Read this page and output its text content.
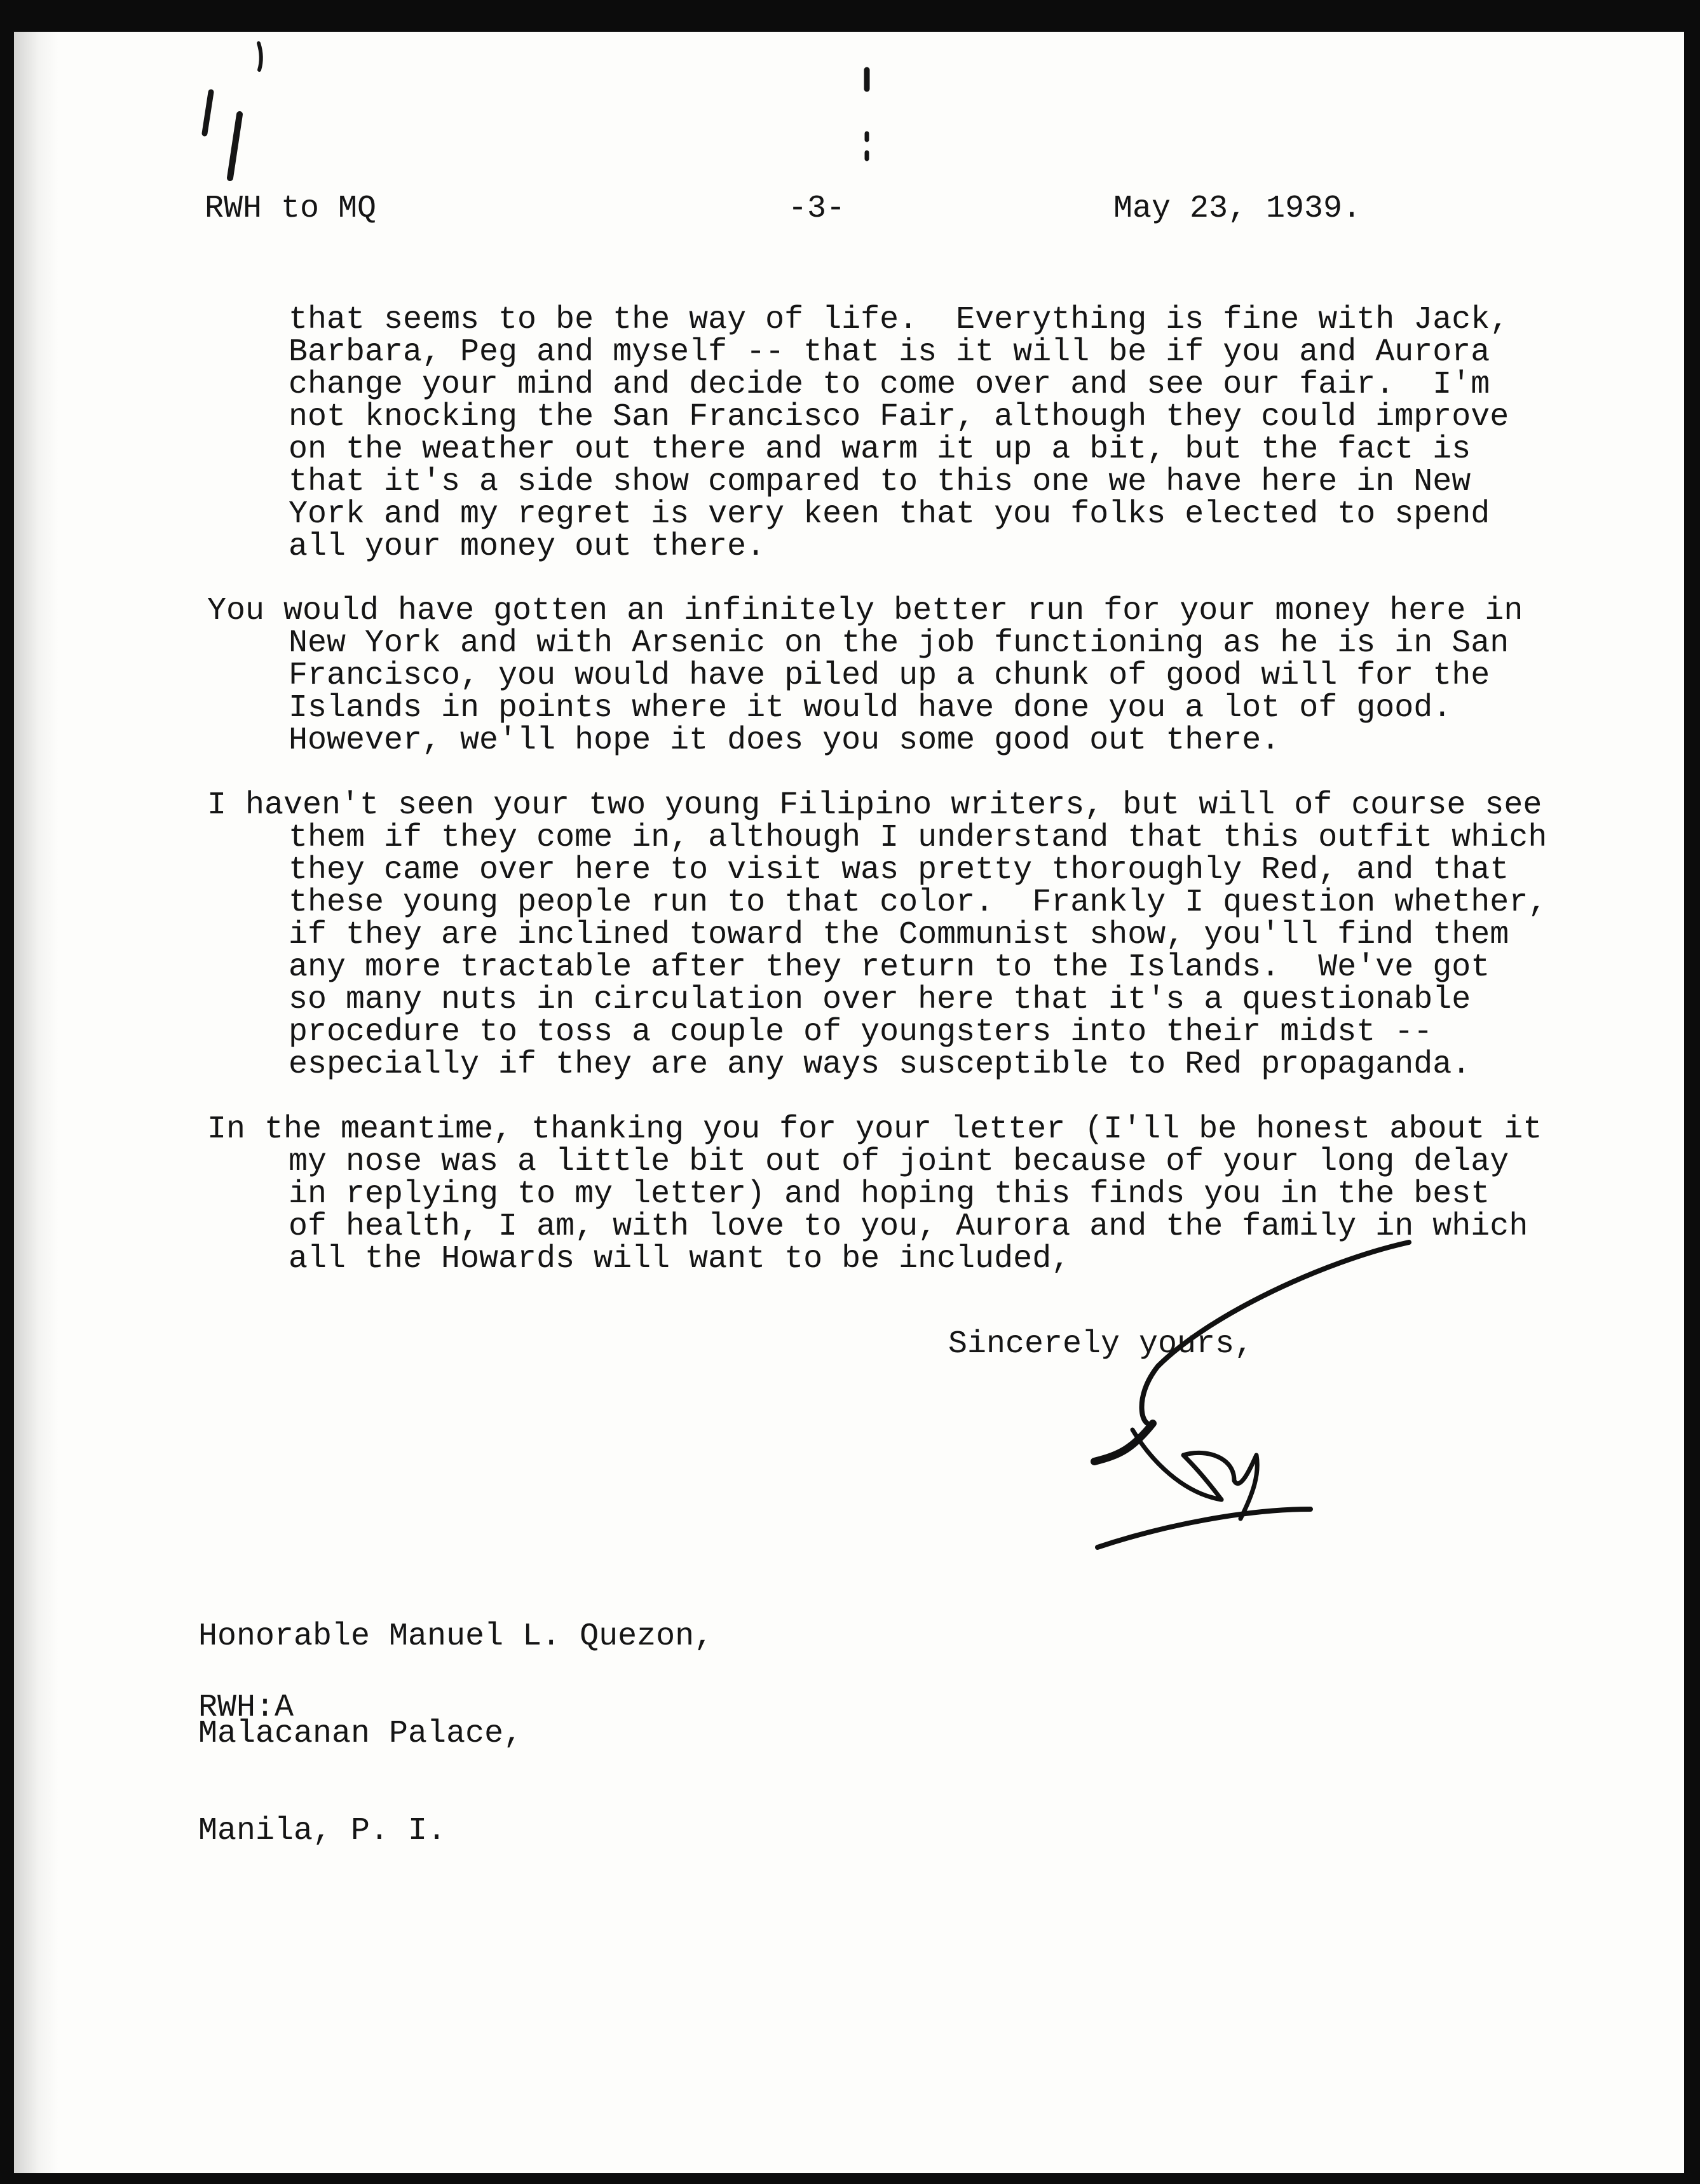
RWH to MQ	-3-	May 23, 1939.

that seems to be the way of life.  Everything is fine with Jack,
Barbara, Peg and myself -- that is it will be if you and Aurora
change your mind and decide to come over and see our fair.  I'm
not knocking the San Francisco Fair, although they could improve
on the weather out there and warm it up a bit, but the fact is
that it's a side show compared to this one we have here in New
York and my regret is very keen that you folks elected to spend
all your money out there.

You would have gotten an infinitely better run for your money here in
New York and with Arsenic on the job functioning as he is in San
Francisco, you would have piled up a chunk of good will for the
Islands in points where it would have done you a lot of good.
However, we'll hope it does you some good out there.

I haven't seen your two young Filipino writers, but will of course see
them if they come in, although I understand that this outfit which
they came over here to visit was pretty thoroughly Red, and that
these young people run to that color.  Frankly I question whether,
if they are inclined toward the Communist show, you'll find them
any more tractable after they return to the Islands.  We've got
so many nuts in circulation over here that it's a questionable
procedure to toss a couple of youngsters into their midst --
especially if they are any ways susceptible to Red propaganda.

In the meantime, thanking you for your letter (I'll be honest about it
my nose was a little bit out of joint because of your long delay
in replying to my letter) and hoping this finds you in the best
of health, I am, with love to you, Aurora and the family in which
all the Howards will want to be included,

Sincerely yours,

Honorable Manuel L. Quezon,

Malacanan Palace,

Manila, P. I.

RWH:A
